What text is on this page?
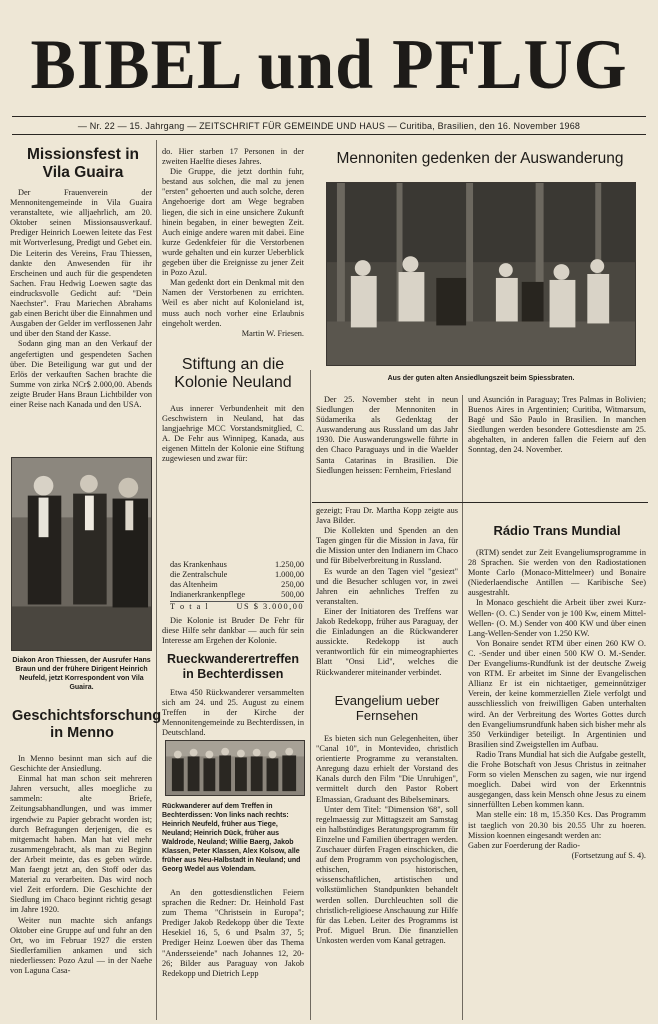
BIBEL und PFLUG
— Nr. 22 — 15. Jahrgang — ZEITSCHRIFT FÜR GEMEINDE UND HAUS — Curitiba, Brasilien, den 16. November 1968
Missionsfest in Vila Guaira

Der Frauenverein der Mennonitengemeinde in Vila Guaira veranstaltete, wie alljaehrlich, am 20. Oktober seinen Missionsausverkauf. Prediger Heinrich Loewen leitete das Fest mit Wortverlesung, Predigt und Gebet ein. Die Leiterin des Vereins, Frau Thiessen, dankte den Anwesenden für ihr Erscheinen und auch für die gespendeten Sachen. Frau Hedwig Loewen sagte das eindrucksvolle Gedicht auf: "Dein Naechster". Frau Mariechen Abrahams gab einen Bericht über die Einnahmen und Ausgaben der Gelder im verflossenen Jahr und über den Stand der Kasse.

Sodann ging man an den Verkauf der angefertigten und gespendeten Sachen über. Die Beteiligung war gut und der Erlös der verkauften Sachen brachte die Summe von zirka NCr$ 2.000,00. Abends zeigte Bruder Hans Braun Lichtbilder von einer Reise nach Kanada und den USA.

Diakon Aron Thiessen, der Ausrufer Hans Braun und der frühere Dirigent Heinrich Neufeld, jetzt Korrespondent von Vila Guaira.
Geschichtsforschung in Menno

In Menno besinnt man sich auf die Geschichte der Ansiedlung.

Einmal hat man schon seit mehreren Jahren versucht, alles moegliche zu sammeln: alte Briefe, Zeitungsabhandlungen, und was immer irgendwie zu Papier gebracht worden ist; durch Befragungen derjenigen, die es mitgemacht haben. Man hat viel mehr zusammengebracht, als man zu Beginn der Arbeit meinte, das es geben würde. Man faengt jetzt an, den Stoff oder das Material zu verarbeiten. Das wird noch viel Zeit erfordern. Die Geschichte der Siedlung im Chaco beginnt richtig gesagt im Jahre 1920.

Weiter nun machte sich anfangs Oktober eine Gruppe auf und fuhr an den Ort, wo im Februar 1927 die ersten Siedlerfamilien ankamen und sich niederliessen: Pozo Azul — in der Naehe von Laguna Casa-

do. Hier starben 17 Personen in der zweiten Haelfte dieses Jahres.

Die Gruppe, die jetzt dorthin fuhr, bestand aus solchen, die mal zu jenen "ersten" gehoerten und auch solche, deren Angehoerige dort am Wege begraben liegen, die sich in eine unsichere Zukunft hinein begaben, in einer bewegten Zeit. Auch einige andere waren mit dabei. Eine kurze Gedenkfeier für die Verstorbenen wurde gehalten und ein kurzer Ueberblick gegeben über die Ereignisse zu jener Zeit in Pozo Azul.

Man gedenkt dort ein Denkmal mit den Namen der Verstorbenen zu errichten. Weil es aber nicht auf Kolonieland ist, muss auch noch vorher eine Erlaubnis eingeholt werden.

Martin W. Friesen.

Stiftung an die Kolonie Neuland

Aus innerer Verbundenheit mit den Geschwistern in Neuland, hat das langjaehrige MCC Vorstandsmitglied, C. A. De Fehr aus Winnipeg, Kanada, aus eigenen Mitteln der Kolonie eine Stiftung zugewiesen und zwar für:

das Krankenhaus	1.250,00
die Zentralschule	1.000,00
das Altenheim	250,00
Indianerkrankenpflege	500,00
T o t a l	US $ 3.000,00

Die Kolonie ist Bruder De Fehr für diese Hilfe sehr dankbar — auch für sein Interesse am Ergehen der Kolonie.

Rueckwanderertreffen in Bechterdissen

Etwa 450 Rückwanderer versammelten sich am 24. und 25. August zu einem Treffen in der Kirche der Mennonitengemeinde zu Bechterdissen, in Deutschland.

Rückwanderer auf dem Treffen in Bechterdissen: Von links nach rechts: Heinrich Neufeld, früher aus Tiege, Neuland; Heinrich Dück, früher aus Waldrode, Neuland; Willie Baerg, Jakob Klassen, Peter Klassen, Alex Kolsow, alle früher aus Neu-Halbstadt in Neuland; und Georg Wedel aus Volendam.

An den gottesdienstlichen Feiern sprachen die Redner: Dr. Heinhold Fast zum Thema "Christsein in Europa"; Prediger Jakob Redekopp über die Texte Hesekiel 16, 5, 6 und Psalm 37, 5; Prediger Heinz Loewen über das Thema "Andersseiende" nach Johannes 12, 20-26; Bilder aus Paraguay von Jakob Redekopp und Dietrich Lepp

Mennoniten gedenken der Auswanderung
Aus der guten alten Ansiedlungszeit beim Spiessbraten.

Der 25. November steht in neun Siedlungen der Mennoniten in Südamerika als Gedenktag der Auswanderung aus Russland um das Jahr 1930. Die Auswanderungswelle führte in den Chaco Paraguays und in die Waelder Santa Catarinas in Brasilien. Die Siedlungen heissen: Fernheim, Friesland

und Asunción in Paraguay; Tres Palmas in Bolivien; Buenos Aires in Argentinien; Curitiba, Witmarsum, Bagé und São Paulo in Brasilien. In manchen Siedlungen werden besondere Gottesdienste am 25. abgehalten, in anderen fallen die Feiern auf den Sonntag, den 24. November.

gezeigt; Frau Dr. Martha Kopp zeigte aus Java Bilder.

Die Kollekten und Spenden an den Tagen gingen für die Mission in Java, für die Mission unter den Indianern im Chaco und für Bibelverbreitung in Russland.

Es wurde an den Tagen viel "gesiezt" und die Besucher schlugen vor, in zwei Jahren ein aehnliches Treffen zu veranstalten.

Einer der Initiatoren des Treffens war Jakob Redekopp, früher aus Paraguay, der die Einladungen an die Rückwanderer aussickte. Redekopp ist auch verantwortlich für ein mimeographiertes Blatt "Onsi Lid", welches die Rückwanderer miteinander verbindet.

Evangelium ueber Fernsehen

Es bieten sich nun Gelegenheiten, über "Canal 10", in Montevideo, christlich orientierte Programme zu veranstalten. Anregung dazu erhielt der Vorstand des Kanals durch den Film "Die Unruhigen", vermittelt durch den Pastor Robert Elmassian, Graduant des Bibelseminars.

Unter dem Titel: "Dimension '68", soll regelmaessig zur Mittagszeit am Samstag ein halbstündiges Beratungsprogramm für Einzelne und Familien übertragen werden. Zuschauer dürfen Fragen einschicken, die auf dem Programm von psychologischen, ethischen, historischen, wissenschaftlichen, artistischen und volkstümlichen Standpunkten behandelt werden sollen. Durchleuchten soll die christlich-religioese Anschauung zur Hilfe für das Leben. Leiter des Programms ist Prof. Miguel Brun. Die finanziellen Unkosten werden vom Kanal getragen.

Rádio Trans Mundial

(RTM) sendet zur Zeit Evangeliumsprogramme in 28 Sprachen. Sie werden von den Radiostationen Monte Carlo (Monaco-Mittelmeer) und Bonaire (Niederlaendische Antillen — Karibische See) ausgestrahlt.

In Monaco geschieht die Arbeit über zwei Kurz-Wellen- (O. C.) Sender von je 100 Kw, einem Mittel-Wellen- (O. M.) Sender von 400 KW und über einen Lang-Wellen-Sender von 1.250 KW.

Von Bonaire sendet RTM über einen 260 KW O. C. -Sender und über einen 500 KW O. M.-Sender. Der Evangeliums-Rundfunk ist der deutsche Zweig von RTM. Er arbeitet im Sinne der Evangelischen Allianz Er ist ein nichtaetiger, gemeinnütziger Verein, der keine kommerziellen Ziele verfolgt und ausschliesslich von freiwilligen Gaben unterhalten wird. An der Verbreitung des Wortes Gottes durch den Evangeliumsrundfunk haben sich bisher mehr als 350 Verkündiger beteiligt. In Argentinien und Brasilien sind Zweigstellen im Aufbau.

Radio Trans Mundial hat sich die Aufgabe gestellt, die Frohe Botschaft von Jesus Christus in zeitnaher Form so vielen Menschen zu sagen, wie nur irgend moeglich. Dabei wird von der Erkenntnis ausgegangen, dass kein Mensch ohne Jesus zu einem sinnerfüllten Leben kommen kann.

Man stelle ein: 18 m, 15.350 Kcs. Das Programm ist taeglich von 20.30 bis 20.55 Uhr zu hoeren. Mission koennen eingesandt werden an:

Gaben zur Foerderung der Radio-

(Fortsetzung auf S. 4).
